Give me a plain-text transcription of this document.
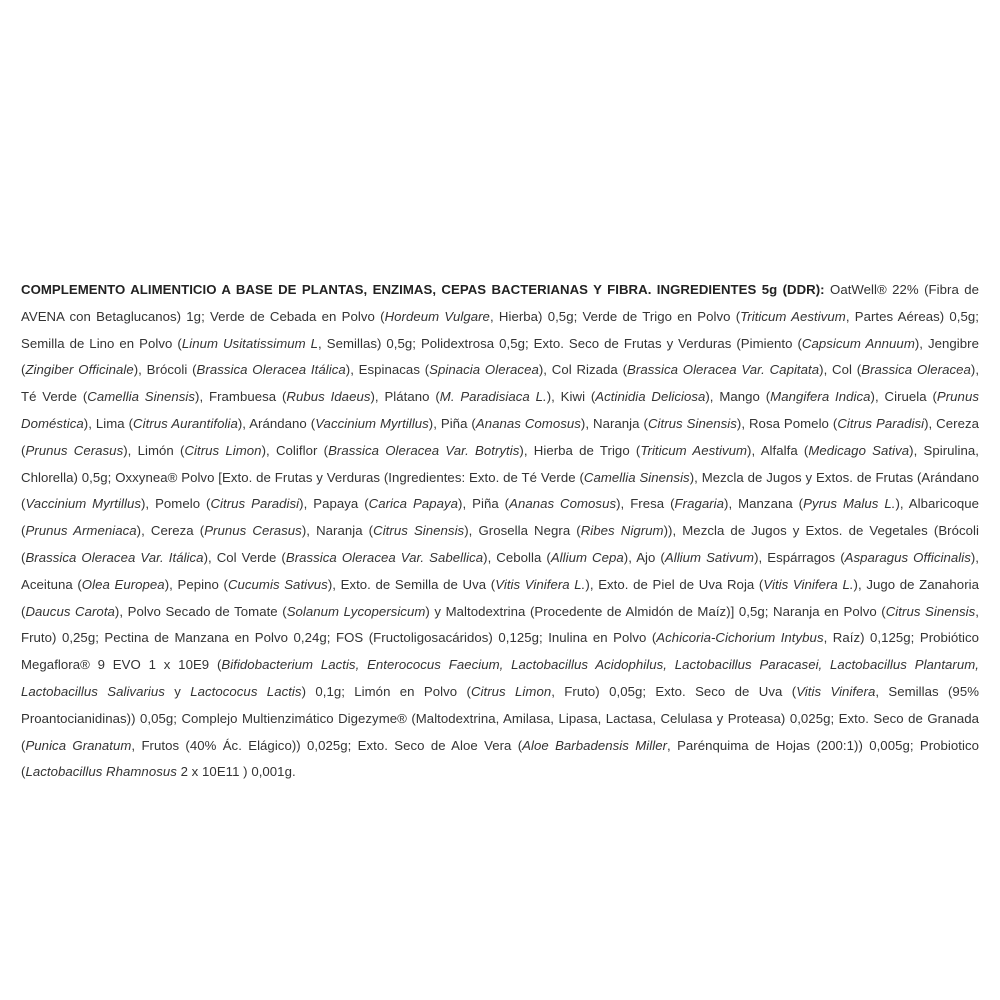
COMPLEMENTO ALIMENTICIO A BASE DE PLANTAS, ENZIMAS, CEPAS BACTERIANAS Y FIBRA. INGREDIENTES 5g (DDR): OatWell® 22% (Fibra de AVENA con Betaglucanos) 1g; Verde de Cebada en Polvo (Hordeum Vulgare, Hierba) 0,5g; Verde de Trigo en Polvo (Triticum Aestivum, Partes Aéreas) 0,5g; Semilla de Lino en Polvo (Linum Usitatissimum L, Semillas) 0,5g; Polidextrosa 0,5g; Exto. Seco de Frutas y Verduras (Pimiento (Capsicum Annuum), Jengibre (Zingiber Officinale), Brócoli (Brassica Oleracea Itálica), Espinacas (Spinacia Oleracea), Col Rizada (Brassica Oleracea Var. Capitata), Col (Brassica Oleracea), Té Verde (Camellia Sinensis), Frambuesa (Rubus Idaeus), Plátano (M. Paradisiaca L.), Kiwi (Actinidia Deliciosa), Mango (Mangifera Indica), Ciruela (Prunus Doméstica), Lima (Citrus Aurantifolia), Arándano (Vaccinium Myrtillus), Piña (Ananas Comosus), Naranja (Citrus Sinensis), Rosa Pomelo (Citrus Paradisi), Cereza (Prunus Cerasus), Limón (Citrus Limon), Coliflor (Brassica Oleracea Var. Botrytis), Hierba de Trigo (Triticum Aestivum), Alfalfa (Medicago Sativa), Spirulina, Chlorella) 0,5g; Oxxynea® Polvo [Exto. de Frutas y Verduras (Ingredientes: Exto. de Té Verde (Camellia Sinensis), Mezcla de Jugos y Extos. de Frutas (Arándano (Vaccinium Myrtillus), Pomelo (Citrus Paradisi), Papaya (Carica Papaya), Piña (Ananas Comosus), Fresa (Fragaria), Manzana (Pyrus Malus L.), Albaricoque (Prunus Armeniaca), Cereza (Prunus Cerasus), Naranja (Citrus Sinensis), Grosella Negra (Ribes Nigrum)), Mezcla de Jugos y Extos. de Vegetales (Brócoli (Brassica Oleracea Var. Itálica), Col Verde (Brassica Oleracea Var. Sabellica), Cebolla (Allium Cepa), Ajo (Allium Sativum), Espárragos (Asparagus Officinalis), Aceituna (Olea Europea), Pepino (Cucumis Sativus), Exto. de Semilla de Uva (Vitis Vinifera L.), Exto. de Piel de Uva Roja (Vitis Vinifera L.), Jugo de Zanahoria (Daucus Carota), Polvo Secado de Tomate (Solanum Lycopersicum) y Maltodextrina (Procedente de Almidón de Maíz)] 0,5g; Naranja en Polvo (Citrus Sinensis, Fruto) 0,25g; Pectina de Manzana en Polvo 0,24g; FOS (Fructoligosacáridos) 0,125g; Inulina en Polvo (Achicoria-Cichorium Intybus, Raíz) 0,125g; Probiótico Megaflora® 9 EVO 1 x 10E9 (Bifidobacterium Lactis, Enterococus Faecium, Lactobacillus Acidophilus, Lactobacillus Paracasei, Lactobacillus Plantarum, Lactobacillus Salivarius y Lactococus Lactis) 0,1g; Limón en Polvo (Citrus Limon, Fruto) 0,05g; Exto. Seco de Uva (Vitis Vinifera, Semillas (95% Proantocianidinas)) 0,05g; Complejo Multienzimático Digezyme® (Maltodextrina, Amilasa, Lipasa, Lactasa, Celulasa y Proteasa) 0,025g; Exto. Seco de Granada (Punica Granatum, Frutos (40% Ác. Elágico)) 0,025g; Exto. Seco de Aloe Vera (Aloe Barbadensis Miller, Parénquima de Hojas (200:1)) 0,005g; Probiotico (Lactobacillus Rhamnosus 2 x 10E11 ) 0,001g.
